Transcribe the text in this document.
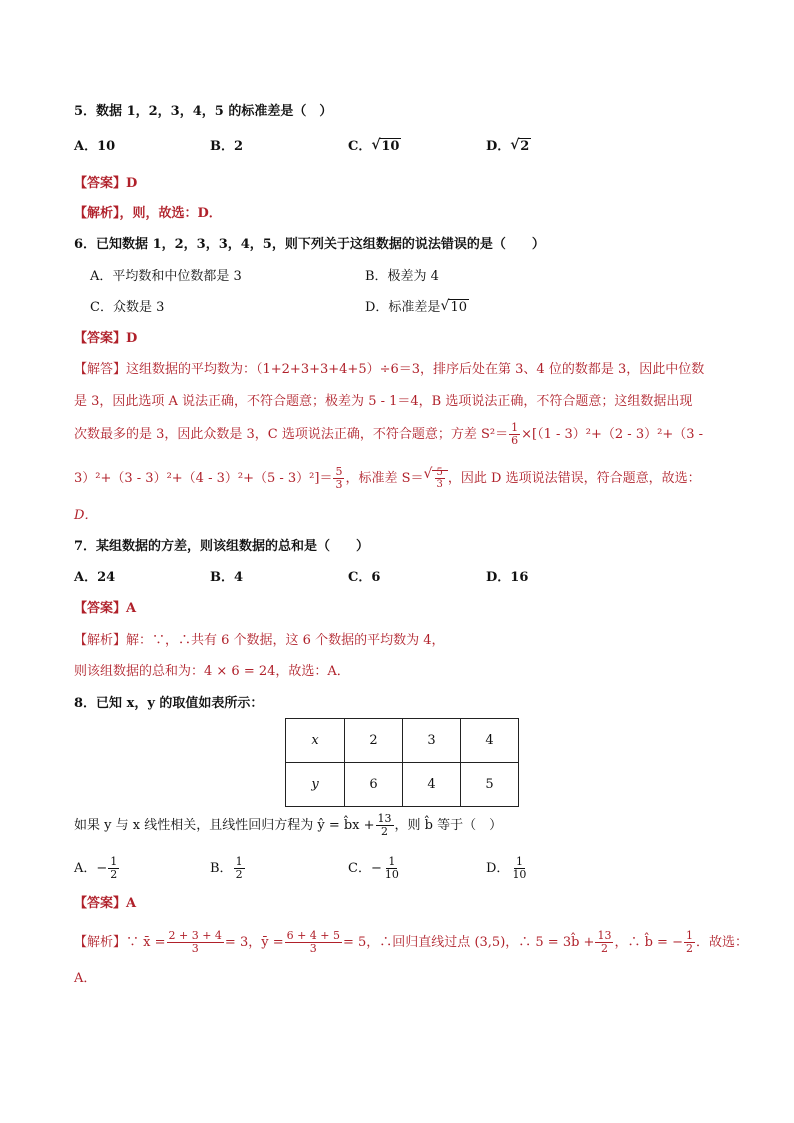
5．数据 1，2，3，4，5 的标准差是（　）
A．10	B．2	C． √ 10	D． √ 2
【答案】D
【解析】，则，故选：D．
6．已知数据 1，2，3，3，4，5，则下列关于这组数据的说法错误的是（　　）
A．平均数和中位数都是 3	B．极差为 4
C．众数是 3	D．标准差是 √ 10
【答案】D
【解答】这组数据的平均数为：（1+2+3+3+4+5）÷6＝3，排序后处在第 3、4 位的数都是 3，因此中位数
是 3，因此选项 A 说法正确，不符合题意；极差为 5 - 1＝4，B 选项说法正确，不符合题意；这组数据出现
次数最多的是 3，因此众数是 3，C 选项说法正确，不符合题意；方差 $S^2= \frac{1}{6} \times[(1 - 3)^2+(2 - 3)^2+(3$ -
$3)^2+(3 - 3)^2+(4 - 3)^2+(5 - 3)^2]= \frac{5}{3}$ ，标准差 S＝ √ $\frac{5}{3}$ ，因此 D 选项说法错误，符合题意，故选：
D．
7．某组数据的方差，则该组数据的总和是（　　）
A．24	B．4	C．6	D．16
【答案】A
【解析】解：∵，∴共有 6 个数据，这 6 个数据的平均数为 4，
则该组数据的总和为：4 × 6 = 24，故选：A．
8．已知 x，y 的取值如表所示：
x	2	3	4
y	6	4	5
如果 y 与 x 线性相关，且线性回归方程为 ŷ = b̂x + $\frac{13}{2}$ ，则 b̂ 等于（　）
A．− $\frac{1}{2}$	B． $\frac{1}{2}$	C．− $\frac{1}{10}$	D． $\frac{1}{10}$
【答案】A
【解析】∵ x̄ = $\frac{2 + 3 + 4}{3} = 3$，ȳ = $\frac{6 + 4 + 5}{3} = 5$，∴回归直线过点 (3,5)，∴ 5 = 3b̂ + $\frac{13}{2}$ ，∴ b̂ = − $\frac{1}{2}$ ．故选：
A．
